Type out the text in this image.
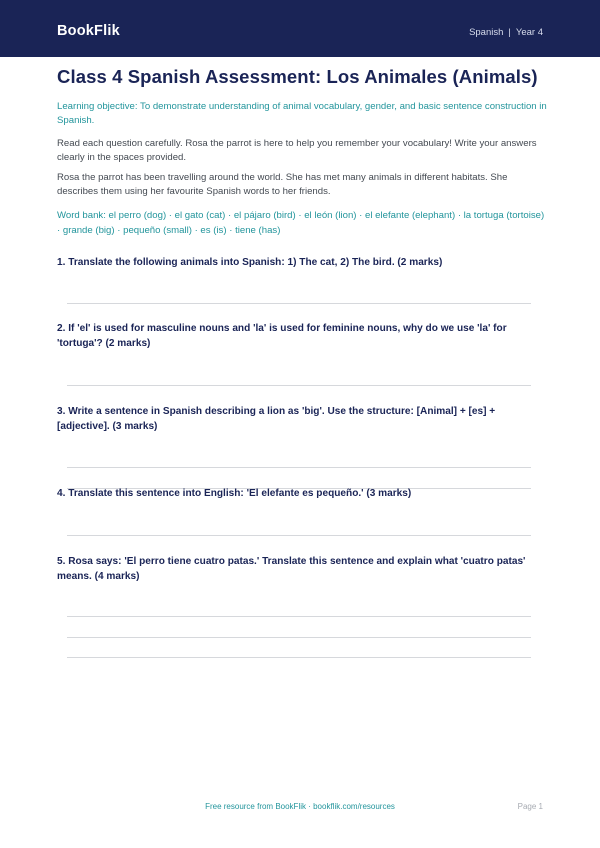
BookFlik	Spanish | Year 4
Class 4 Spanish Assessment: Los Animales (Animals)

Learning objective: To demonstrate understanding of animal vocabulary, gender, and basic sentence construction in Spanish.

Read each question carefully. Rosa the parrot is here to help you remember your vocabulary! Write your answers clearly in the spaces provided.

Rosa the parrot has been travelling around the world. She has met many animals in different habitats. She describes them using her favourite Spanish words to her friends.

Word bank: el perro (dog) · el gato (cat) · el pájaro (bird) · el león (lion) · el elefante (elephant) · la tortuga (tortoise) · grande (big) · pequeño (small) · es (is) · tiene (has)

1. Translate the following animals into Spanish: 1) The cat, 2) The bird. (2 marks)

2. If 'el' is used for masculine nouns and 'la' is used for feminine nouns, why do we use 'la' for 'tortuga'? (2 marks)

3. Write a sentence in Spanish describing a lion as 'big'. Use the structure: [Animal] + [es] + [adjective]. (3 marks)

4. Translate this sentence into English: 'El elefante es pequeño.' (3 marks)

5. Rosa says: 'El perro tiene cuatro patas.' Translate this sentence and explain what 'cuatro patas' means. (4 marks)

Free resource from BookFlik · bookflik.com/resources	Page 1
